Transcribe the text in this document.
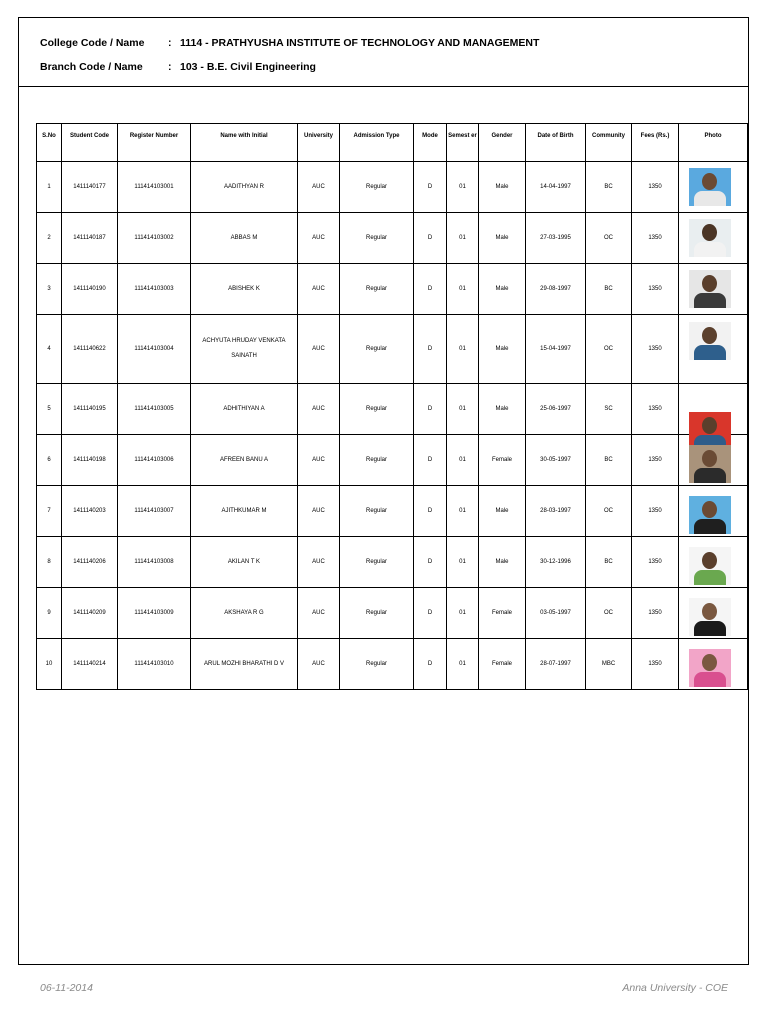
College Code / Name : 1114 - PRATHYUSHA INSTITUTE OF TECHNOLOGY AND MANAGEMENT
Branch Code / Name : 103 - B.E. Civil Engineering
S.No	Student Code	Register Number	Name with Initial	University	Admission Type	Mode	Semest er	Gender	Date of Birth	Community	Fees (Rs.)	Photo
1	1411140177	111414103001	AADITHYAN R	AUC	Regular	D	01	Male	14-04-1997	BC	1350	

2	1411140187	111414103002	ABBAS M	AUC	Regular	D	01	Male	27-03-1995	OC	1350	

3	1411140190	111414103003	ABISHEK K	AUC	Regular	D	01	Male	29-08-1997	BC	1350	

4	1411140622	111414103004	ACHYUTA HRUDAY VENKATA SAINATH	AUC	Regular	D	01	Male	15-04-1997	OC	1350	

5	1411140195	111414103005	ADHITHIYAN A	AUC	Regular	D	01	Male	25-06-1997	SC	1350	

6	1411140198	111414103006	AFREEN BANU A	AUC	Regular	D	01	Female	30-05-1997	BC	1350	

7	1411140203	111414103007	AJITHKUMAR M	AUC	Regular	D	01	Male	28-03-1997	OC	1350	

8	1411140206	111414103008	AKILAN T K	AUC	Regular	D	01	Male	30-12-1996	BC	1350	

9	1411140209	111414103009	AKSHAYA R G	AUC	Regular	D	01	Female	03-05-1997	OC	1350	

10	1411140214	111414103010	ARUL MOZHI BHARATHI D V	AUC	Regular	D	01	Female	28-07-1997	MBC	1350	
06-11-2014	Anna University - COE
